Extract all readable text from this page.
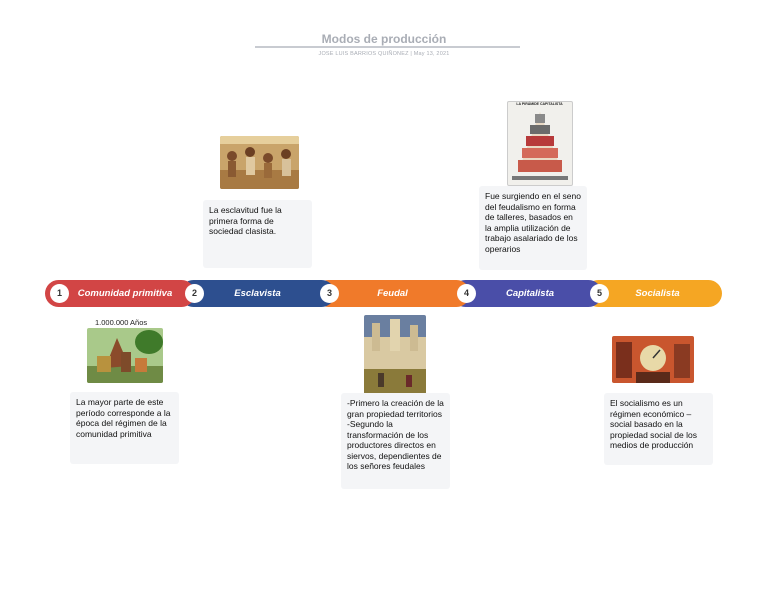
Modos de producción
JOSE LUIS BARRIOS QUIÑONEZ | May 13, 2021
1	Comunidad primitiva	2	Esclavista	3	Feudal	4	Capitalista	5	Socialista
La esclavitud fue la primera forma de sociedad clasista.
LA PIRÁMIDE CAPITALISTA
Fue surgiendo en el seno del feudalismo en forma de talleres, basados en la amplia utilización de trabajo asalariado de los operarios
1.000.000 Años
La mayor parte de este período corresponde a la época del régimen de la comunidad primitiva
-Primero la creación de la gran propiedad territorios -Segundo la transformación de los productores directos en siervos, dependientes de los señores feudales
El socialismo es un régimen económico – social basado en la propiedad social de los medios de producción
